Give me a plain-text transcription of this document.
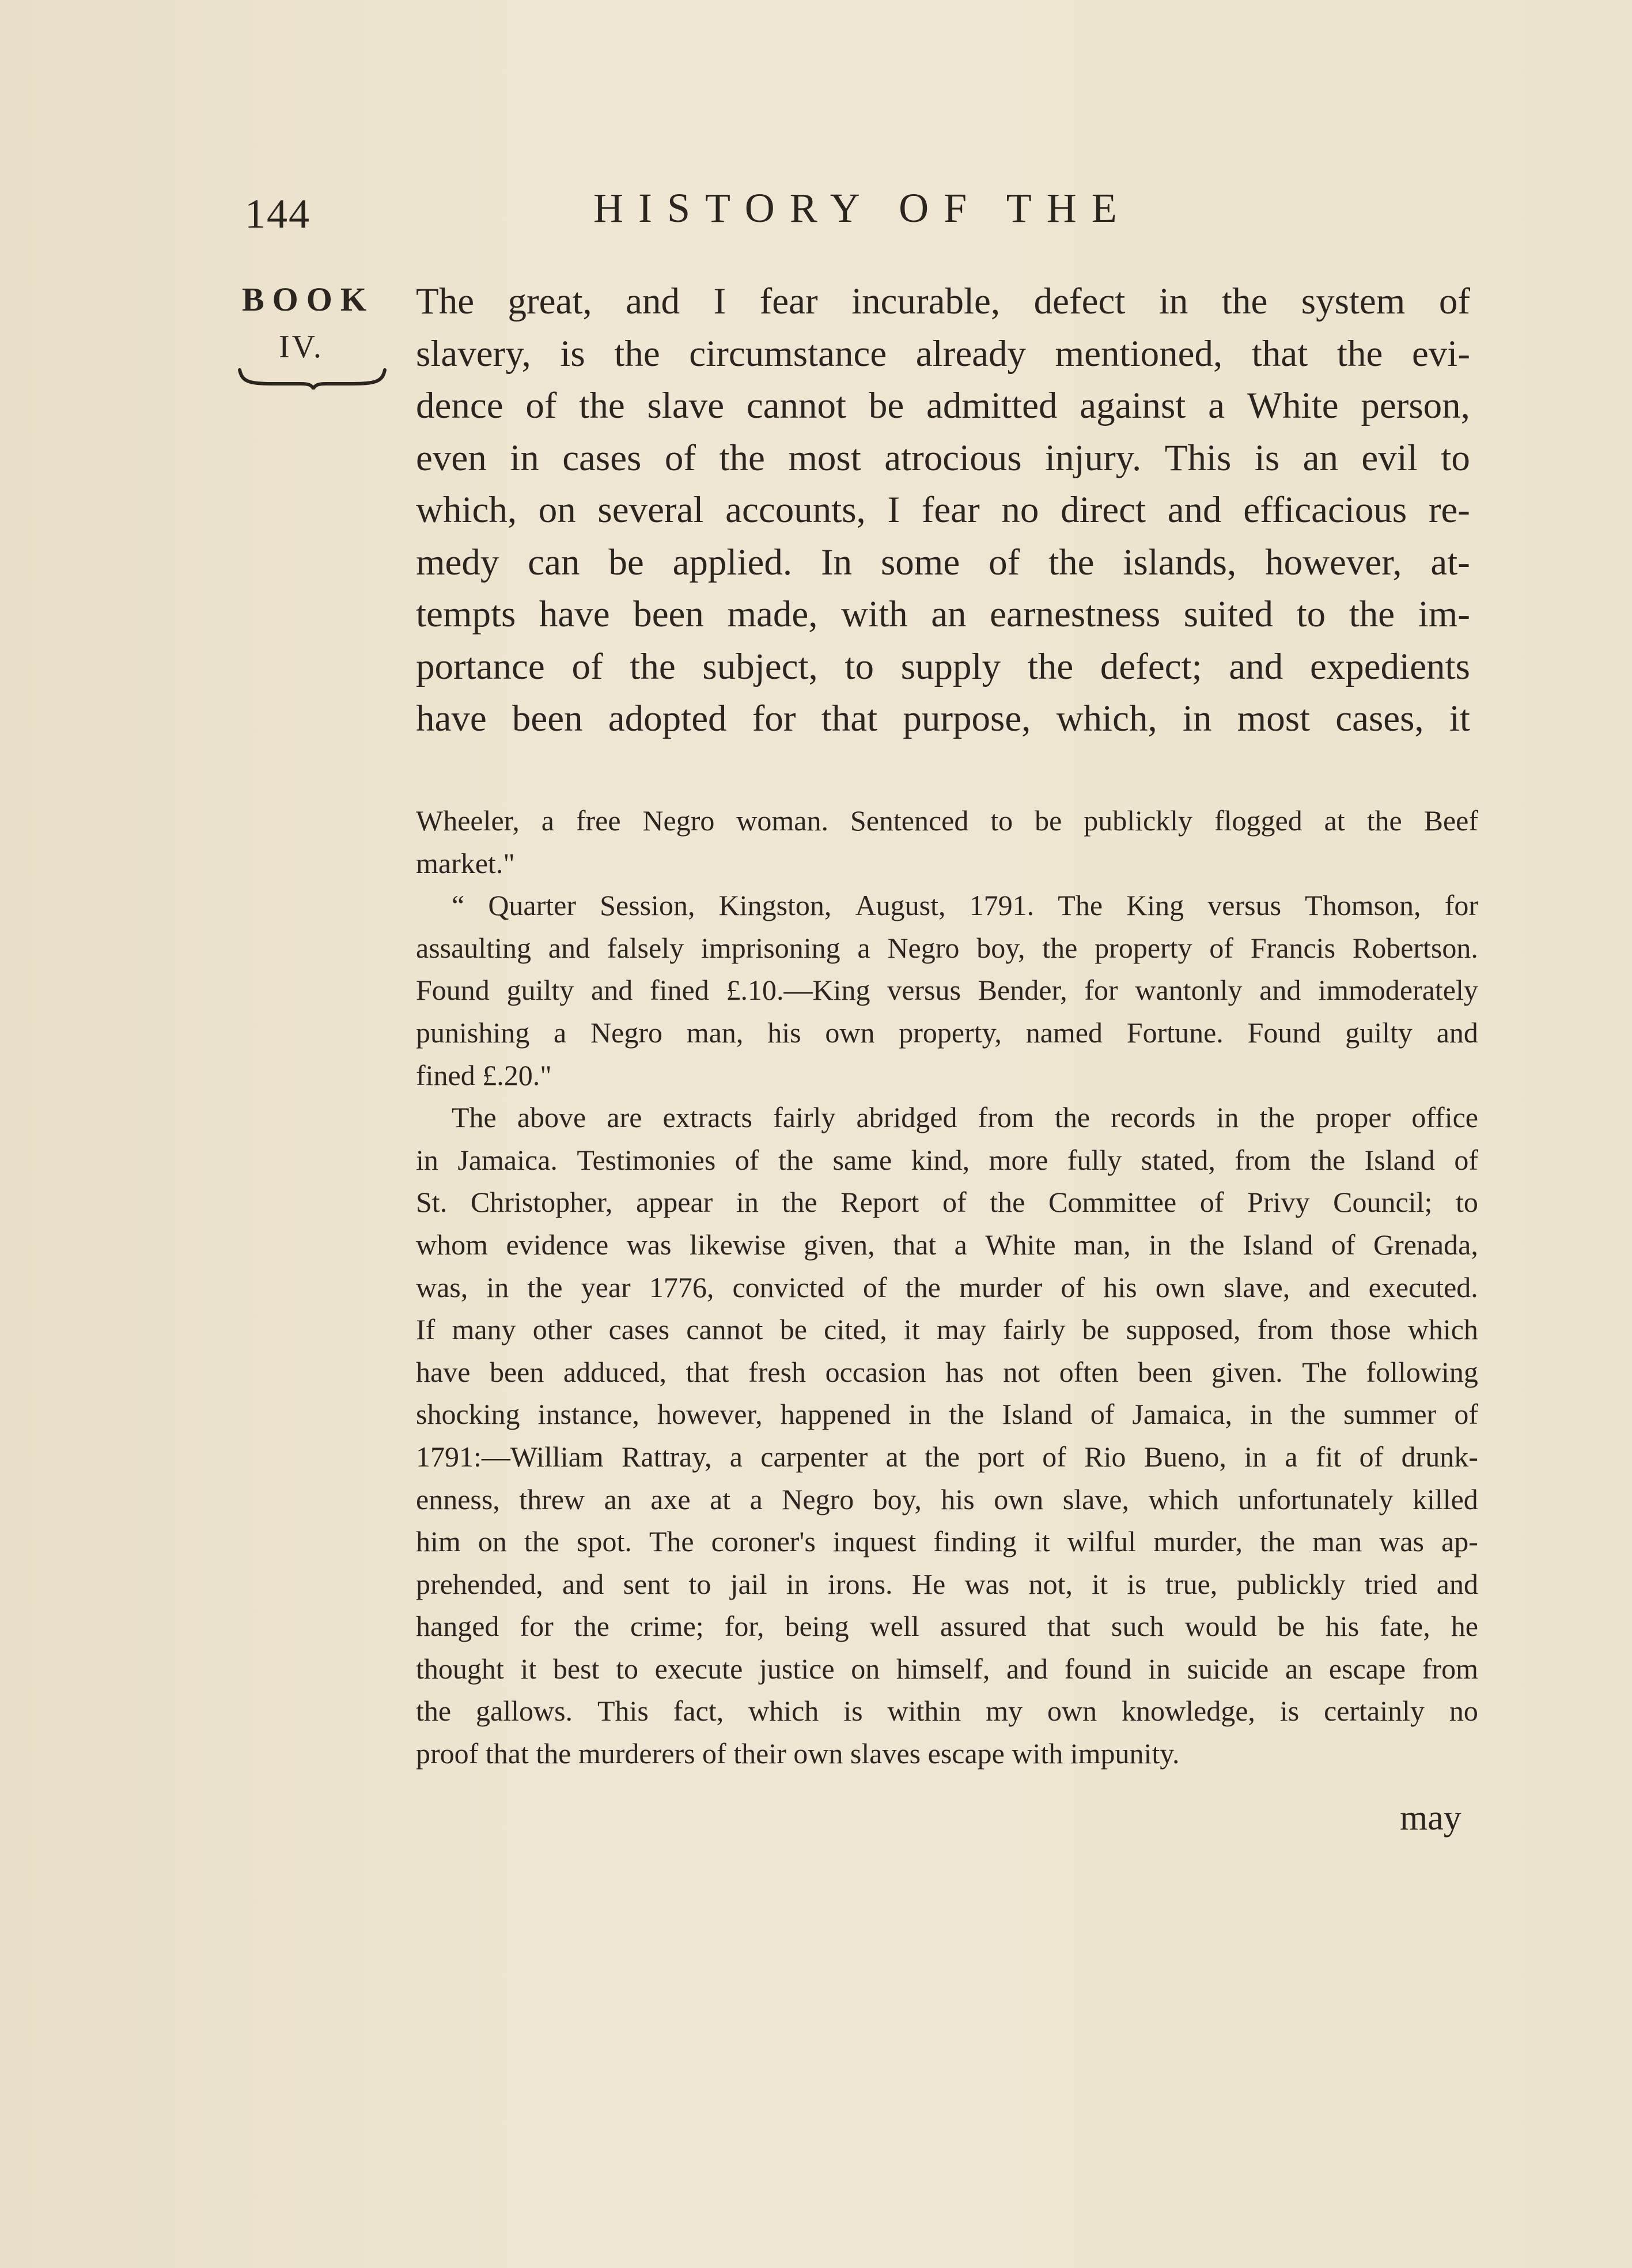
144	HISTORY OF THE
BOOK
IV.
The great, and I fear incurable, defect in the system of
slavery, is the circumstance already mentioned, that the evi-
dence of the slave cannot be admitted against a White person,
even in cases of the most atrocious injury. This is an evil to
which, on several accounts, I fear no direct and efficacious re-
medy can be applied. In some of the islands, however, at-
tempts have been made, with an earnestness suited to the im-
portance of the subject, to supply the defect; and expedients
have been adopted for that purpose, which, in most cases, it
Wheeler, a free Negro woman. Sentenced to be publickly flogged at the Beef
market."
“ Quarter Session, Kingston, August, 1791. The King versus Thomson, for
assaulting and falsely imprisoning a Negro boy, the property of Francis Robertson.
Found guilty and fined £.10.—King versus Bender, for wantonly and immoderately
punishing a Negro man, his own property, named Fortune. Found guilty and
fined £.20."
The above are extracts fairly abridged from the records in the proper office
in Jamaica. Testimonies of the same kind, more fully stated, from the Island of
St. Christopher, appear in the Report of the Committee of Privy Council; to
whom evidence was likewise given, that a White man, in the Island of Grenada,
was, in the year 1776, convicted of the murder of his own slave, and executed.
If many other cases cannot be cited, it may fairly be supposed, from those which
have been adduced, that fresh occasion has not often been given. The following
shocking instance, however, happened in the Island of Jamaica, in the summer of
1791:—William Rattray, a carpenter at the port of Rio Bueno, in a fit of drunk-
enness, threw an axe at a Negro boy, his own slave, which unfortunately killed
him on the spot. The coroner's inquest finding it wilful murder, the man was ap-
prehended, and sent to jail in irons. He was not, it is true, publickly tried and
hanged for the crime; for, being well assured that such would be his fate, he
thought it best to execute justice on himself, and found in suicide an escape from
the gallows. This fact, which is within my own knowledge, is certainly no
proof that the murderers of their own slaves escape with impunity.
may
